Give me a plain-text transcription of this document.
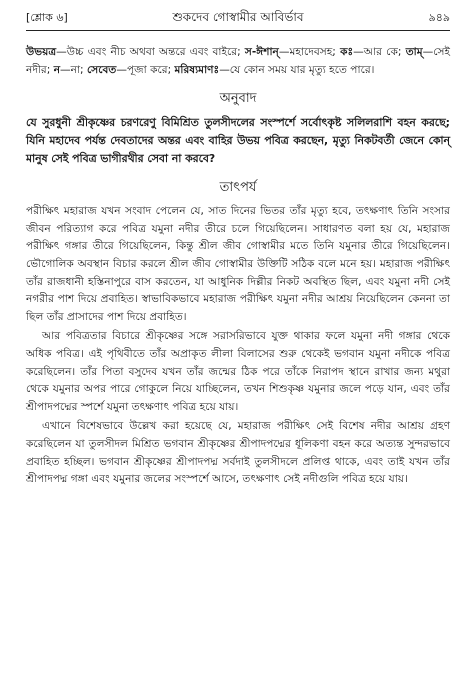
[শ্লোক ৬]	শুকদেব গোস্বামীর আবির্ভাব	৯৪৯

উভয়ত্র—উচ্চ এবং নীচ অথবা অন্তরে এবং বাইরে; স-ঈশান্—মহাদেবসহ; কঃ—আর কে; তাম্—সেই নদীর; ন—না; সেবেত—পূজা করে; মরিষ্যমাণঃ—যে কোন সময় যার মৃত্যু হতে পারে।

অনুবাদ

যে সুরধুনী শ্রীকৃষ্ণের চরণরেণু বিমিশ্রিত তুলসীদলের সংস্পর্শে সর্বোৎকৃষ্ট সলিলরাশি বহন করছে; যিনি মহাদেব পর্যন্ত দেবতাদের অন্তর এবং বাহির উভয় পবিত্র করছেন, মৃত্যু নিকটবর্তী জেনে কোন্ মানুষ সেই পবিত্র ভাগীরথীর সেবা না করবে?

তাৎপর্য

পরীক্ষিৎ মহারাজ যখন সংবাদ পেলেন যে, সাত দিনের ভিতর তাঁর মৃত্যু হবে, তৎক্ষণাৎ তিনি সংসার জীবন পরিত্যাগ করে পবিত্র যমুনা নদীর তীরে চলে গিয়েছিলেন। সাধারণত বলা হয় যে, মহারাজ পরীক্ষিৎ গঙ্গার তীরে গিয়েছিলেন, কিন্তু শ্রীল জীব গোস্বামীর মতে তিনি যমুনার তীরে গিয়েছিলেন। ভৌগোলিক অবস্থান বিচার করলে শ্রীল জীব গোস্বামীর উক্তিটি সঠিক বলে মনে হয়। মহারাজ পরীক্ষিৎ তাঁর রাজধানী হস্তিনাপুরে বাস করতেন, যা আধুনিক দিল্লীর নিকট অবস্থিত ছিল, এবং যমুনা নদী সেই নগরীর পাশ দিয়ে প্রবাহিত। স্বাভাবিকভাবে মহারাজ পরীক্ষিৎ যমুনা নদীর আশ্রয় নিয়েছিলেন কেননা তা ছিল তাঁর প্রাসাদের পাশ দিয়ে প্রবাহিত।

আর পবিত্রতার বিচারে শ্রীকৃষ্ণের সঙ্গে সরাসরিভাবে যুক্ত থাকার ফলে যমুনা নদী গঙ্গার থেকে অধিক পবিত্র। এই পৃথিবীতে তাঁর অপ্রাকৃত লীলা বিলাসের শুরু থেকেই ভগবান যমুনা নদীকে পবিত্র করেছিলেন। তাঁর পিতা বসুদেব যখন তাঁর জন্মের ঠিক পরে তাঁকে নিরাপদ স্থানে রাখার জন্য মথুরা থেকে যমুনার অপর পারে গোকুলে নিয়ে যাচ্ছিলেন, তখন শিশুকৃষ্ণ যমুনার জলে পড়ে যান, এবং তাঁর শ্রীপাদপদ্মের স্পর্শে যমুনা তৎক্ষণাৎ পবিত্র হয়ে যায়।

এখানে বিশেষভাবে উল্লেখ করা হয়েছে যে, মহারাজ পরীক্ষিৎ সেই বিশেষ নদীর আশ্রয় গ্রহণ করেছিলেন যা তুলসীদল মিশ্রিত ভগবান শ্রীকৃষ্ণের শ্রীপাদপদ্মের ধূলিকণা বহন করে অত্যন্ত সুন্দরভাবে প্রবাহিত হচ্ছিল। ভগবান শ্রীকৃষ্ণের শ্রীপাদপদ্ম সর্বদাই তুলসীদলে প্রলিপ্ত থাকে, এবং তাই যখন তাঁর শ্রীপাদপদ্ম গঙ্গা এবং যমুনার জলের সংস্পর্শে আসে, তৎক্ষণাৎ সেই নদীগুলি পবিত্র হয়ে যায়।
